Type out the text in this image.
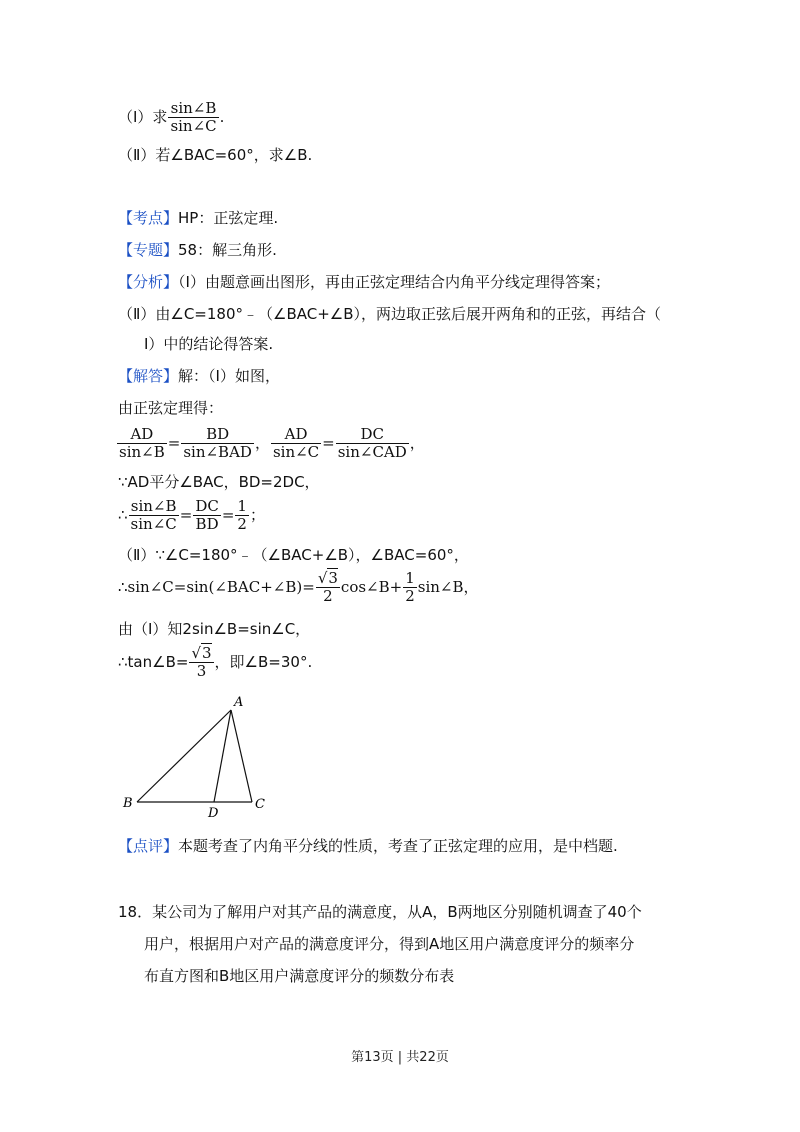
（Ⅰ）求 $\frac{\sin\angle B}{\sin\angle C}$ .
（Ⅱ）若∠BAC=60°，求∠B.
【考点】HP：正弦定理.
【专题】58：解三角形.
【分析】（Ⅰ）由题意画出图形，再由正弦定理结合内角平分线定理得答案；
（Ⅱ）由∠C=180°﹣（∠BAC+∠B），两边取正弦后展开两角和的正弦，再结合（
Ⅰ）中的结论得答案.
【解答】解：（Ⅰ）如图，
由正弦定理得：
$\frac{AD}{\sin\angle B} = \frac{BD}{\text{sin∠BAD}}$ ， $\frac{AD}{\sin\angle C} = \frac{DC}{\text{sin∠CAD}}$ ，
∵AD平分∠BAC，BD=2DC，
∴ $\frac{\sin\angle B}{\sin\angle C} = \frac{DC}{BD} = \frac{1}{2}$ ；
（Ⅱ）∵∠C=180°﹣（∠BAC+∠B），∠BAC=60°，
∴sin∠C=sin(∠BAC+∠B)= $\frac{√3}{2}$ cos∠B+ $\frac{1}{2}$ sin∠B，
由（Ⅰ）知2sin∠B=sin∠C，
∴tan∠B= $\frac{√3}{3}$ ，即∠B=30°.
A
B	C
D
【点评】本题考查了内角平分线的性质，考查了正弦定理的应用，是中档题.
18．某公司为了解用户对其产品的满意度，从A，B两地区分别随机调查了40个
用户，根据用户对产品的满意度评分，得到A地区用户满意度评分的频率分
布直方图和B地区用户满意度评分的频数分布表
第13页 | 共22页
